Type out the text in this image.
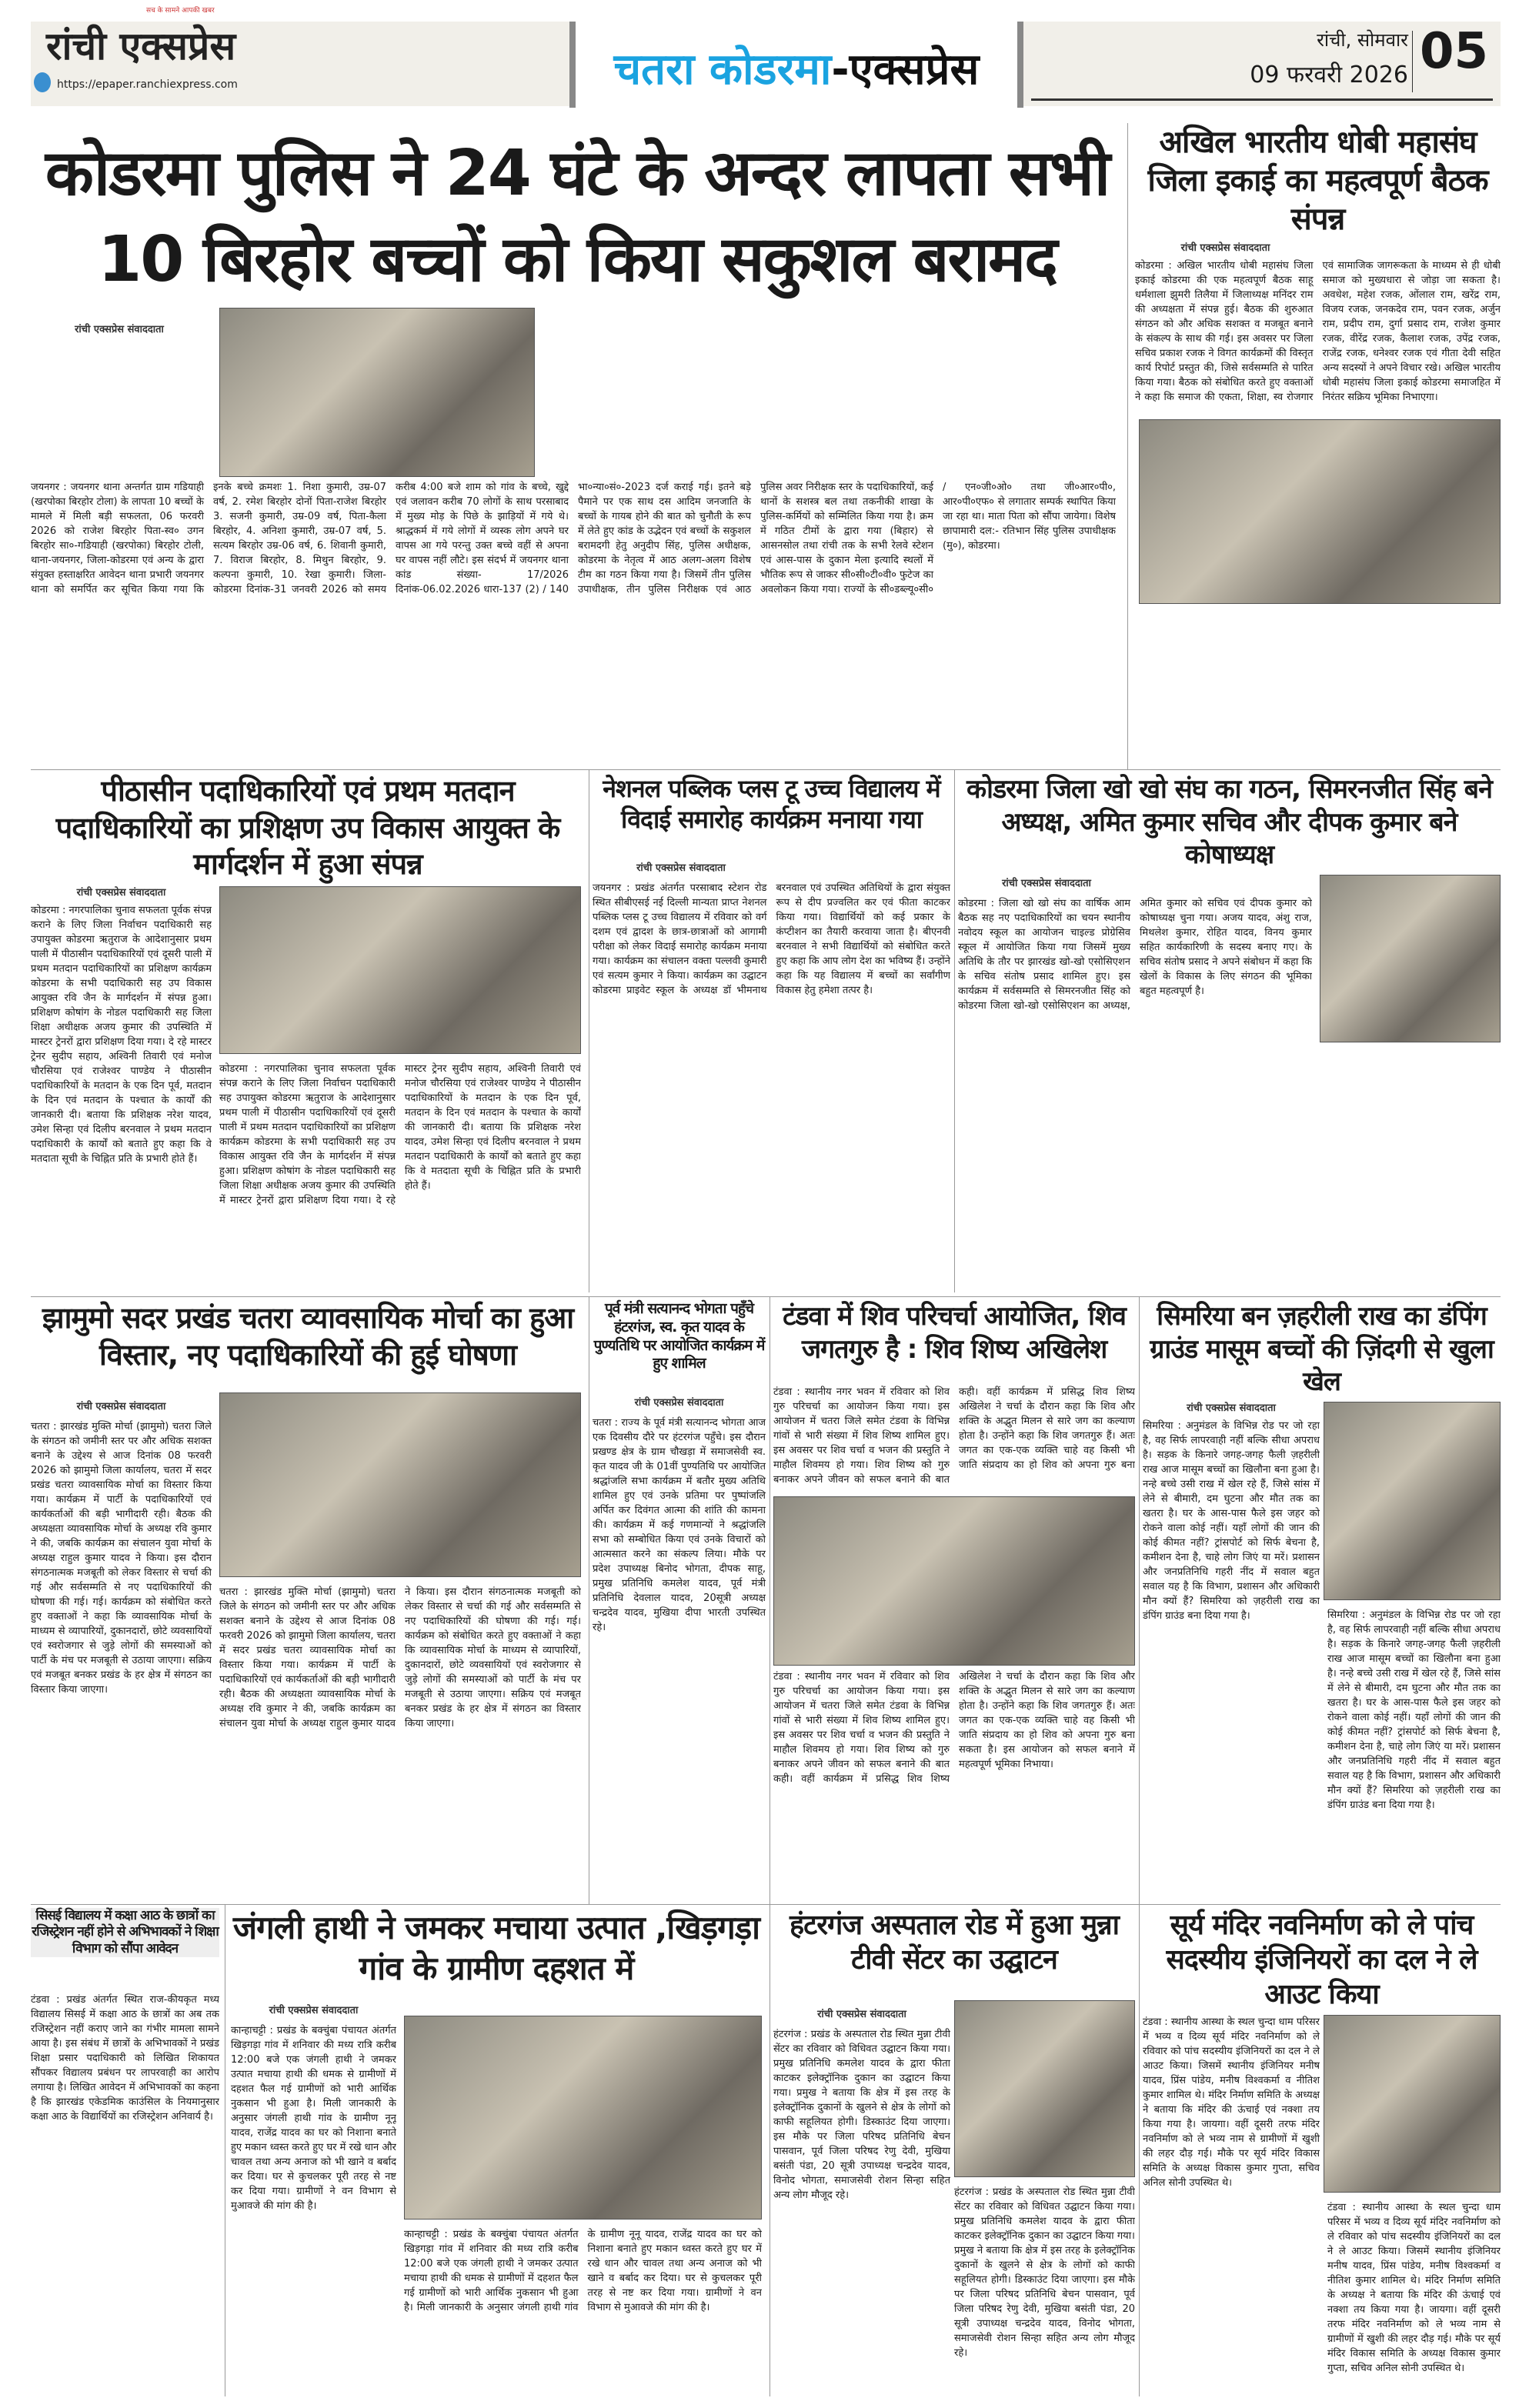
सच के सामने आपकी खबर
रांची एक्सप्रेस
https://epaper.ranchiexpress.com	चतरा कोडरमा-एक्सप्रेस
रांची, सोमवार
09 फरवरी 2026 05
कोडरमा पुलिस ने 24 घंटे के अन्दर लापता सभी 10 बिरहोर बच्चों को किया सकुशल बरामद
रांची एक्सप्रेस संवाददाता
जयनगर : जयनगर थाना अन्तर्गत ग्राम गडियाही (खरपोका बिरहोर टोला) के लापता 10 बच्चों के मामले में मिली बड़ी सफलता, 06 फरवरी 2026 को राजेश बिरहोर पिता-स्व० उगन बिरहोर सा०-गडियाही (खरपोका) बिरहोर टोली, थाना-जयनगर, जिला-कोडरमा एवं अन्य के द्वारा संयुक्त हस्ताक्षरित आवेदन थाना प्रभारी जयनगर थाना को समर्पित कर सूचित किया गया कि इनके बच्चे क्रमशः 1. निशा कुमारी, उम्र-07 वर्ष, 2. रमेश बिरहोर दोनों पिता-राजेश बिरहोर 3. सजनी कुमारी, उम्र-09 वर्ष, पिता-कैला बिरहोर, 4. अनिशा कुमारी, उम्र-07 वर्ष, 5. सत्यम बिरहोर उम्र-06 वर्ष, 6. शिवानी कुमारी, 7. विराज बिरहोर, 8. मिथुन बिरहोर, 9. कल्पना कुमारी, 10. रेखा कुमारी। जिला-कोडरमा दिनांक-31 जनवरी 2026 को समय करीब 4:00 बजे शाम को गांव के बच्चे, खुद्दे एवं जलावन करीब 70 लोगों के साथ परसाबाद में मुख्य मोड़ के पिछे के झाड़ियों में गये थे। श्राद्धकर्म में गये लोगों में व्यस्क लोग अपने घर वापस आ गये परन्तु उक्त बच्चे वहीं से अपना घर वापस नहीं लौटे। इस संदर्भ में जयनगर थाना कांड संख्या- 17/2026 दिनांक-06.02.2026 धारा-137 (2) / 140 भा०न्या०सं०-2023 दर्ज कराई गई। इतने बड़े पैमाने पर एक साथ दस आदिम जनजाति के बच्चों के गायब होने की बात को चुनौती के रूप में लेते हुए कांड के उद्भेदन एवं बच्चों के सकुशल बरामदगी हेतु अनुदीप सिंह, पुलिस अधीक्षक, कोडरमा के नेतृत्व में आठ अलग-अलग विशेष टीम का गठन किया गया है। जिसमें तीन पुलिस उपाधीक्षक, तीन पुलिस निरीक्षक एवं आठ पुलिस अवर निरीक्षक स्तर के पदाधिकारियों, कई थानों के सशस्त्र बल तथा तकनीकी शाखा के पुलिस-कर्मियों को सम्मिलित किया गया है। क्रम में गठित टीमों के द्वारा गया (बिहार) से आसनसोल तथा रांची तक के सभी रेलवे स्टेशन एवं आस-पास के दुकान मेला इत्यादि स्थलों में भौतिक रूप से जाकर सी०सी०टी०वी० फुटेज का अवलोकन किया गया। राज्यों के सी०डब्ल्यू०सी० / एन०जी०ओ० तथा जी०आर०पी०, आर०पी०एफ० से लगातार सम्पर्क स्थापित किया जा रहा था। माता पिता को सौंपा जायेगा। विशेष छापामारी दल:- रतिभान सिंह पुलिस उपाधीक्षक (मु०), कोडरमा।
अखिल भारतीय धोबी महासंघ जिला इकाई का महत्वपूर्ण बैठक संपन्न
रांची एक्सप्रेस संवाददाता
कोडरमा : अखिल भारतीय धोबी महासंघ जिला इकाई कोडरमा की एक महत्वपूर्ण बैठक साहू धर्मशाला झुमरी तिलैया में जिलाध्यक्ष मनिंदर राम की अध्यक्षता में संपन्न हुई। बैठक की शुरुआत संगठन को और अधिक सशक्त व मजबूत बनाने के संकल्प के साथ की गई। इस अवसर पर जिला सचिव प्रकाश रजक ने विगत कार्यक्रमों की विस्तृत कार्य रिपोर्ट प्रस्तुत की, जिसे सर्वसम्मति से पारित किया गया। बैठक को संबोधित करते हुए वक्ताओं ने कहा कि समाज की एकता, शिक्षा, स्व रोजगार एवं सामाजिक जागरूकता के माध्यम से ही धोबी समाज को मुख्यधारा से जोड़ा जा सकता है। अवधेश, महेश रजक, ओंलाल राम, खरेंद्र राम, विजय रजक, जनकदेव राम, पवन रजक, अर्जुन राम, प्रदीप राम, दुर्गा प्रसाद राम, राजेश कुमार रजक, वीरेंद्र रजक, कैलाश रजक, उपेंद्र रजक, राजेंद्र रजक, धनेश्वर रजक एवं गीता देवी सहित अन्य सदस्यों ने अपने विचार रखे। अखिल भारतीय धोबी महासंघ जिला इकाई कोडरमा समाजहित में निरंतर सक्रिय भूमिका निभाएगा।
पीठासीन पदाधिकारियों एवं प्रथम मतदान पदाधिकारियों का प्रशिक्षण उप विकास आयुक्त के मार्गदर्शन में हुआ संपन्न
रांची एक्सप्रेस संवाददाता
कोडरमा : नगरपालिका चुनाव सफलता पूर्वक संपन्न कराने के लिए जिला निर्वाचन पदाधिकारी सह उपायुक्त कोडरमा ऋतुराज के आदेशानुसार प्रथम पाली में पीठासीन पदाधिकारियों एवं दूसरी पाली में प्रथम मतदान पदाधिकारियों का प्रशिक्षण कार्यक्रम कोडरमा के सभी पदाधिकारी सह उप विकास आयुक्त रवि जैन के मार्गदर्शन में संपन्न हुआ। प्रशिक्षण कोषांग के नोडल पदाधिकारी सह जिला शिक्षा अधीक्षक अजय कुमार की उपस्थिति में मास्टर ट्रेनरों द्वारा प्रशिक्षण दिया गया। दे रहे मास्टर ट्रेनर सुदीप सहाय, अश्विनी तिवारी एवं मनोज चौरसिया एवं राजेश्वर पाण्डेय ने पीठासीन पदाधिकारियों के मतदान के एक दिन पूर्व, मतदान के दिन एवं मतदान के पश्चात के कार्यों की जानकारी दी। बताया कि प्रशिक्षक नरेश यादव, उमेश सिन्हा एवं दिलीप बरनवाल ने प्रथम मतदान पदाधिकारी के कार्यों को बताते हुए कहा कि वे मतदाता सूची के चिह्नित प्रति के प्रभारी होते हैं।
कोडरमा : नगरपालिका चुनाव सफलता पूर्वक संपन्न कराने के लिए जिला निर्वाचन पदाधिकारी सह उपायुक्त कोडरमा ऋतुराज के आदेशानुसार प्रथम पाली में पीठासीन पदाधिकारियों एवं दूसरी पाली में प्रथम मतदान पदाधिकारियों का प्रशिक्षण कार्यक्रम कोडरमा के सभी पदाधिकारी सह उप विकास आयुक्त रवि जैन के मार्गदर्शन में संपन्न हुआ। प्रशिक्षण कोषांग के नोडल पदाधिकारी सह जिला शिक्षा अधीक्षक अजय कुमार की उपस्थिति में मास्टर ट्रेनरों द्वारा प्रशिक्षण दिया गया। दे रहे मास्टर ट्रेनर सुदीप सहाय, अश्विनी तिवारी एवं मनोज चौरसिया एवं राजेश्वर पाण्डेय ने पीठासीन पदाधिकारियों के मतदान के एक दिन पूर्व, मतदान के दिन एवं मतदान के पश्चात के कार्यों की जानकारी दी। बताया कि प्रशिक्षक नरेश यादव, उमेश सिन्हा एवं दिलीप बरनवाल ने प्रथम मतदान पदाधिकारी के कार्यों को बताते हुए कहा कि वे मतदाता सूची के चिह्नित प्रति के प्रभारी होते हैं।
नेशनल पब्लिक प्लस टू उच्च विद्यालय में विदाई समारोह कार्यक्रम मनाया गया
रांची एक्सप्रेस संवाददाता
जयनगर : प्रखंड अंतर्गत परसाबाद स्टेशन रोड स्थित सीबीएसई नई दिल्ली मान्यता प्राप्त नेशनल पब्लिक प्लस टू उच्च विद्यालय में रविवार को वर्ग दशम एवं द्वादश के छात्र-छात्राओं को आगामी परीक्षा को लेकर विदाई समारोह कार्यक्रम मनाया गया। कार्यक्रम का संचालन वक्ता पल्लवी कुमारी एवं सत्यम कुमार ने किया। कार्यक्रम का उद्घाटन कोडरमा प्राइवेट स्कूल के अध्यक्ष डॉ भीमनाथ बरनवाल एवं उपस्थित अतिथियों के द्वारा संयुक्त रूप से दीप प्रज्वलित कर एवं फीता काटकर किया गया। विद्यार्थियों को कई प्रकार के कंप्टीशन का तैयारी करवाया जाता है। बीएनवी बरनवाल ने सभी विद्यार्थियों को संबोधित करते हुए कहा कि आप लोग देश का भविष्य हैं। उन्होंने कहा कि यह विद्यालय में बच्चों का सर्वांगीण विकास हेतु हमेशा तत्पर है।
कोडरमा जिला खो खो संघ का गठन, सिमरनजीत सिंह बने अध्यक्ष, अमित कुमार सचिव और दीपक कुमार बने कोषाध्यक्ष
रांची एक्सप्रेस संवाददाता
कोडरमा : जिला खो खो संघ का वार्षिक आम बैठक सह नए पदाधिकारियों का चयन स्थानीय नवोदय स्कूल का आयोजन चाइल्ड प्रोग्रेसिव स्कूल में आयोजित किया गया जिसमें मुख्य अतिथि के तौर पर झारखंड खो-खो एसोसिएशन के सचिव संतोष प्रसाद शामिल हुए। इस कार्यक्रम में सर्वसम्मति से सिमरनजीत सिंह को कोडरमा जिला खो-खो एसोसिएशन का अध्यक्ष, अमित कुमार को सचिव एवं दीपक कुमार को कोषाध्यक्ष चुना गया। अजय यादव, अंशु राज, मिथलेश कुमार, रोहित यादव, विनय कुमार सहित कार्यकारिणी के सदस्य बनाए गए। के सचिव संतोष प्रसाद ने अपने संबोधन में कहा कि खेलों के विकास के लिए संगठन की भूमिका बहुत महत्वपूर्ण है।
झामुमो सदर प्रखंड चतरा व्यावसायिक मोर्चा का हुआ विस्तार, नए पदाधिकारियों की हुई घोषणा
रांची एक्सप्रेस संवाददाता
चतरा : झारखंड मुक्ति मोर्चा (झामुमो) चतरा जिले के संगठन को जमीनी स्तर पर और अधिक सशक्त बनाने के उद्देश्य से आज दिनांक 08 फरवरी 2026 को झामुमो जिला कार्यालय, चतरा में सदर प्रखंड चतरा व्यावसायिक मोर्चा का विस्तार किया गया। कार्यक्रम में पार्टी के पदाधिकारियों एवं कार्यकर्ताओं की बड़ी भागीदारी रही। बैठक की अध्यक्षता व्यावसायिक मोर्चा के अध्यक्ष रवि कुमार ने की, जबकि कार्यक्रम का संचालन युवा मोर्चा के अध्यक्ष राहुल कुमार यादव ने किया। इस दौरान संगठनात्मक मजबूती को लेकर विस्तार से चर्चा की गई और सर्वसम्मति से नए पदाधिकारियों की घोषणा की गई। गई। कार्यक्रम को संबोधित करते हुए वक्ताओं ने कहा कि व्यावसायिक मोर्चा के माध्यम से व्यापारियों, दुकानदारों, छोटे व्यवसायियों एवं स्वरोजगार से जुड़े लोगों की समस्याओं को पार्टी के मंच पर मजबूती से उठाया जाएगा। सक्रिय एवं मजबूत बनकर प्रखंड के हर क्षेत्र में संगठन का विस्तार किया जाएगा।
चतरा : झारखंड मुक्ति मोर्चा (झामुमो) चतरा जिले के संगठन को जमीनी स्तर पर और अधिक सशक्त बनाने के उद्देश्य से आज दिनांक 08 फरवरी 2026 को झामुमो जिला कार्यालय, चतरा में सदर प्रखंड चतरा व्यावसायिक मोर्चा का विस्तार किया गया। कार्यक्रम में पार्टी के पदाधिकारियों एवं कार्यकर्ताओं की बड़ी भागीदारी रही। बैठक की अध्यक्षता व्यावसायिक मोर्चा के अध्यक्ष रवि कुमार ने की, जबकि कार्यक्रम का संचालन युवा मोर्चा के अध्यक्ष राहुल कुमार यादव ने किया। इस दौरान संगठनात्मक मजबूती को लेकर विस्तार से चर्चा की गई और सर्वसम्मति से नए पदाधिकारियों की घोषणा की गई। गई। कार्यक्रम को संबोधित करते हुए वक्ताओं ने कहा कि व्यावसायिक मोर्चा के माध्यम से व्यापारियों, दुकानदारों, छोटे व्यवसायियों एवं स्वरोजगार से जुड़े लोगों की समस्याओं को पार्टी के मंच पर मजबूती से उठाया जाएगा। सक्रिय एवं मजबूत बनकर प्रखंड के हर क्षेत्र में संगठन का विस्तार किया जाएगा।
पूर्व मंत्री सत्यानन्द भोगता पहुँचे हंटरगंज, स्व. कृत यादव के पुण्यतिथि पर आयोजित कार्यक्रम में हुए शामिल
रांची एक्सप्रेस संवाददाता
चतरा : राज्य के पूर्व मंत्री सत्यानन्द भोगता आज एक दिवसीय दौरे पर हंटरगंज पहुँचे। इस दौरान प्रखण्ड क्षेत्र के ग्राम चौखड़ा में समाजसेवी स्व. कृत यादव जी के 01वीं पुण्यतिथि पर आयोजित श्रद्धांजलि सभा कार्यक्रम में बतौर मुख्य अतिथि शामिल हुए एवं उनके प्रतिमा पर पुष्पांजलि अर्पित कर दिवंगत आत्मा की शांति की कामना की। कार्यक्रम में कई गणमान्यों ने श्रद्धांजलि सभा को सम्बोधित किया एवं उनके विचारों को आत्मसात करने का संकल्प लिया। मौके पर प्रदेश उपाध्यक्ष बिनोद भोगता, दीपक साहू, प्रमुख प्रतिनिधि कमलेश यादव, पूर्व मंत्री प्रतिनिधि देवलाल यादव, 20सूत्री अध्यक्ष चन्द्रदेव यादव, मुखिया दीपा भारती उपस्थित रहे।
टंडवा में शिव परिचर्चा आयोजित, शिव जगतगुरु है : शिव शिष्य अखिलेश
टंडवा : स्थानीय नगर भवन में रविवार को शिव गुरु परिचर्चा का आयोजन किया गया। इस आयोजन में चतरा जिले समेत टंडवा के विभिन्न गांवों से भारी संख्या में शिव शिष्य शामिल हुए। इस अवसर पर शिव चर्चा व भजन की प्रस्तुति ने माहौल शिवमय हो गया। शिव शिष्य को गुरु बनाकर अपने जीवन को सफल बनाने की बात कही। वहीं कार्यक्रम में प्रसिद्ध शिव शिष्य अखिलेश ने चर्चा के दौरान कहा कि शिव और शक्ति के अद्भुत मिलन से सारे जग का कल्याण होता है। उन्होंने कहा कि शिव जगतगुरु हैं। अतः जगत का एक-एक व्यक्ति चाहे वह किसी भी जाति संप्रदाय का हो शिव को अपना गुरु बना
टंडवा : स्थानीय नगर भवन में रविवार को शिव गुरु परिचर्चा का आयोजन किया गया। इस आयोजन में चतरा जिले समेत टंडवा के विभिन्न गांवों से भारी संख्या में शिव शिष्य शामिल हुए। इस अवसर पर शिव चर्चा व भजन की प्रस्तुति ने माहौल शिवमय हो गया। शिव शिष्य को गुरु बनाकर अपने जीवन को सफल बनाने की बात कही। वहीं कार्यक्रम में प्रसिद्ध शिव शिष्य अखिलेश ने चर्चा के दौरान कहा कि शिव और शक्ति के अद्भुत मिलन से सारे जग का कल्याण होता है। उन्होंने कहा कि शिव जगतगुरु हैं। अतः जगत का एक-एक व्यक्ति चाहे वह किसी भी जाति संप्रदाय का हो शिव को अपना गुरु बना सकता है। इस आयोजन को सफल बनाने में महत्वपूर्ण भूमिका निभाया।
सिमरिया बन ज़हरीली राख का डंपिंग ग्राउंड मासूम बच्चों की ज़िंदगी से खुला खेल
रांची एक्सप्रेस संवाददाता
सिमरिया : अनुमंडल के विभिन्न रोड पर जो रहा है, वह सिर्फ लापरवाही नहीं बल्कि सीधा अपराध है। सड़क के किनारे जगह-जगह फैली ज़हरीली राख आज मासूम बच्चों का खिलौना बना हुआ है। नन्हे बच्चे उसी राख में खेल रहे हैं, जिसे सांस में लेने से बीमारी, दम घुटना और मौत तक का खतरा है। घर के आस-पास फैले इस जहर को रोकने वाला कोई नहीं। यहाँ लोगों की जान की कोई कीमत नहीं? ट्रांसपोर्ट को सिर्फ बेचना है, कमीशन देना है, चाहे लोग जिएं या मरें। प्रशासन और जनप्रतिनिधि गहरी नींद में सवाल बहुत सवाल यह है कि विभाग, प्रशासन और अधिकारी मौन क्यों हैं? सिमरिया को ज़हरीली राख का डंपिंग ग्राउंड बना दिया गया है।	सिमरिया : अनुमंडल के विभिन्न रोड पर जो रहा है, वह सिर्फ लापरवाही नहीं बल्कि सीधा अपराध है। सड़क के किनारे जगह-जगह फैली ज़हरीली राख आज मासूम बच्चों का खिलौना बना हुआ है। नन्हे बच्चे उसी राख में खेल रहे हैं, जिसे सांस में लेने से बीमारी, दम घुटना और मौत तक का खतरा है। घर के आस-पास फैले इस जहर को रोकने वाला कोई नहीं। यहाँ लोगों की जान की कोई कीमत नहीं? ट्रांसपोर्ट को सिर्फ बेचना है, कमीशन देना है, चाहे लोग जिएं या मरें। प्रशासन और जनप्रतिनिधि गहरी नींद में सवाल बहुत सवाल यह है कि विभाग, प्रशासन और अधिकारी मौन क्यों हैं? सिमरिया को ज़हरीली राख का डंपिंग ग्राउंड बना दिया गया है।
सिसई विद्यालय में कक्षा आठ के छात्रों का रजिस्ट्रेशन नहीं होने से अभिभावकों ने शिक्षा विभाग को सौंपा आवेदन
टंडवा : प्रखंड अंतर्गत स्थित राज-कीयकृत मध्य विद्यालय सिसई में कक्षा आठ के छात्रों का अब तक रजिस्ट्रेशन नहीं कराए जाने का गंभीर मामला सामने आया है। इस संबंध में छात्रों के अभिभावकों ने प्रखंड शिक्षा प्रसार पदाधिकारी को लिखित शिकायत सौंपकर विद्यालय प्रबंधन पर लापरवाही का आरोप लगाया है। लिखित आवेदन में अभिभावकों का कहना है कि झारखंड एकेडमिक काउंसिल के नियमानुसार कक्षा आठ के विद्यार्थियों का रजिस्ट्रेशन अनिवार्य है।
जंगली हाथी ने जमकर मचाया उत्पात ,खिड़गड़ा गांव के ग्रामीण दहशत में
रांची एक्सप्रेस संवाददाता
कान्हाचट्टी : प्रखंड के बक्चुंबा पंचायत अंतर्गत खिड़गड़ा गांव में शनिवार की मध्य रात्रि करीब 12:00 बजे एक जंगली हाथी ने जमकर उत्पात मचाया हाथी की धमक से ग्रामीणों में दहशत फैल गई ग्रामीणों को भारी आर्थिक नुकसान भी हुआ है। मिली जानकारी के अनुसार जंगली हाथी गांव के ग्रामीण नूनू यादव, राजेंद्र यादव का घर को निशाना बनाते हुए मकान ध्वस्त करते हुए घर में रखे धान और चावल तथा अन्य अनाज को भी खाने व बर्बाद कर दिया। घर से कुचलकर पूरी तरह से नष्ट कर दिया गया। ग्रामीणों ने वन विभाग से मुआवजे की मांग की है।
कान्हाचट्टी : प्रखंड के बक्चुंबा पंचायत अंतर्गत खिड़गड़ा गांव में शनिवार की मध्य रात्रि करीब 12:00 बजे एक जंगली हाथी ने जमकर उत्पात मचाया हाथी की धमक से ग्रामीणों में दहशत फैल गई ग्रामीणों को भारी आर्थिक नुकसान भी हुआ है। मिली जानकारी के अनुसार जंगली हाथी गांव के ग्रामीण नूनू यादव, राजेंद्र यादव का घर को निशाना बनाते हुए मकान ध्वस्त करते हुए घर में रखे धान और चावल तथा अन्य अनाज को भी खाने व बर्बाद कर दिया। घर से कुचलकर पूरी तरह से नष्ट कर दिया गया। ग्रामीणों ने वन विभाग से मुआवजे की मांग की है।
हंटरगंज अस्पताल रोड में हुआ मुन्ना टीवी सेंटर का उद्घाटन
रांची एक्सप्रेस संवाददाता
हंटरगंज : प्रखंड के अस्पताल रोड स्थित मुन्ना टीवी सेंटर का रविवार को विधिवत उद्घाटन किया गया। प्रमुख प्रतिनिधि कमलेश यादव के द्वारा फीता काटकर इलेक्ट्रॉनिक दुकान का उद्घाटन किया गया। प्रमुख ने बताया कि क्षेत्र में इस तरह के इलेक्ट्रॉनिक दुकानों के खुलने से क्षेत्र के लोगों को काफी सहूलियत होगी। डिस्काउंट दिया जाएगा। इस मौके पर जिला परिषद प्रतिनिधि बेचन पासवान, पूर्व जिला परिषद रेणु देवी, मुखिया बसंती पंडा, 20 सूत्री उपाध्यक्ष चन्द्रदेव यादव, विनोद भोगता, समाजसेवी रोशन सिन्हा सहित अन्य लोग मौजूद रहे।	हंटरगंज : प्रखंड के अस्पताल रोड स्थित मुन्ना टीवी सेंटर का रविवार को विधिवत उद्घाटन किया गया। प्रमुख प्रतिनिधि कमलेश यादव के द्वारा फीता काटकर इलेक्ट्रॉनिक दुकान का उद्घाटन किया गया। प्रमुख ने बताया कि क्षेत्र में इस तरह के इलेक्ट्रॉनिक दुकानों के खुलने से क्षेत्र के लोगों को काफी सहूलियत होगी। डिस्काउंट दिया जाएगा। इस मौके पर जिला परिषद प्रतिनिधि बेचन पासवान, पूर्व जिला परिषद रेणु देवी, मुखिया बसंती पंडा, 20 सूत्री उपाध्यक्ष चन्द्रदेव यादव, विनोद भोगता, समाजसेवी रोशन सिन्हा सहित अन्य लोग मौजूद रहे।
सूर्य मंदिर नवनिर्माण को ले पांच सदस्यीय इंजिनियरों का दल ने ले आउट किया
टंडवा : स्थानीय आस्था के स्थल चुन्दा धाम परिसर में भव्य व दिव्य सूर्य मंदिर नवनिर्माण को ले रविवार को पांच सदस्यीय इंजिनियरों का दल ने ले आउट किया। जिसमें स्थानीय इंजिनियर मनीष यादव, प्रिंस पांडेय, मनीष विश्वकर्मा व नीतिश कुमार शामिल थे। मंदिर निर्माण समिति के अध्यक्ष ने बताया कि मंदिर की ऊंचाई एवं नक्शा तय किया गया है। जायगा। वहीं दूसरी तरफ मंदिर नवनिर्माण को ले भव्य नाम से ग्रामीणों में खुशी की लहर दौड़ गई। मौके पर सूर्य मंदिर विकास समिति के अध्यक्ष विकास कुमार गुप्ता, सचिव अनिल सोनी उपस्थित थे।
टंडवा : स्थानीय आस्था के स्थल चुन्दा धाम परिसर में भव्य व दिव्य सूर्य मंदिर नवनिर्माण को ले रविवार को पांच सदस्यीय इंजिनियरों का दल ने ले आउट किया। जिसमें स्थानीय इंजिनियर मनीष यादव, प्रिंस पांडेय, मनीष विश्वकर्मा व नीतिश कुमार शामिल थे। मंदिर निर्माण समिति के अध्यक्ष ने बताया कि मंदिर की ऊंचाई एवं नक्शा तय किया गया है। जायगा। वहीं दूसरी तरफ मंदिर नवनिर्माण को ले भव्य नाम से ग्रामीणों में खुशी की लहर दौड़ गई। मौके पर सूर्य मंदिर विकास समिति के अध्यक्ष विकास कुमार गुप्ता, सचिव अनिल सोनी उपस्थित थे।
